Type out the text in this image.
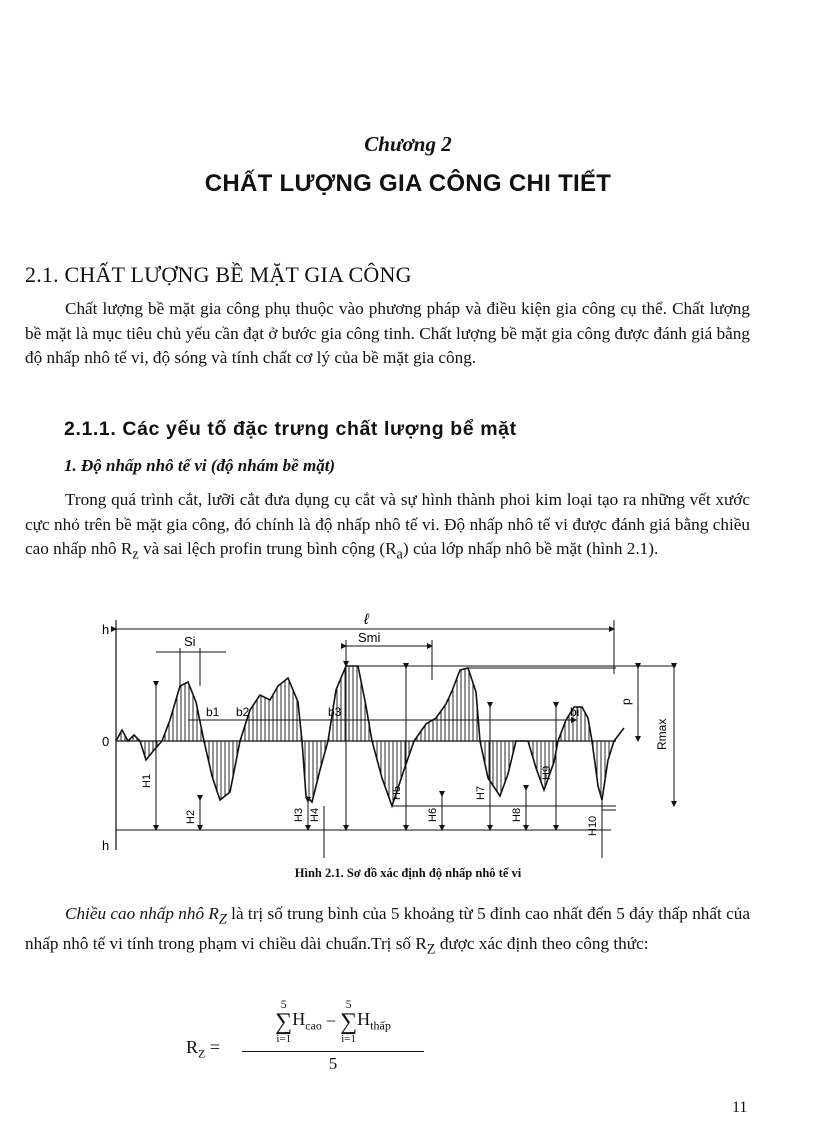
Chương 2
CHẤT LƯỢNG GIA CÔNG CHI TIẾT
2.1. CHẤT LƯỢNG BỀ MẶT GIA CÔNG

Chất lượng bề mặt gia công phụ thuộc vào phương pháp và điều kiện gia công cụ thể. Chất lượng bề mặt là mục tiêu chủ yếu cần đạt ở bước gia công tinh. Chất lượng bề mặt gia công được đánh giá bằng độ nhấp nhô tế vi, độ sóng và tính chất cơ lý của bề mặt gia công.

2.1.1. Các yếu tố đặc trưng chất lượng bể mặt
1. Độ nhấp nhô tế vi (độ nhám bề mặt)

Trong quá trình cắt, lưỡi cắt đưa dụng cụ cắt và sự hình thành phoi kim loại tạo ra những vết xước cực nhỏ trên bề mặt gia công, đó chính là độ nhấp nhô tế vi. Độ nhấp nhô tế vi được đánh giá bằng chiều cao nhấp nhô $R_z$ và sai lệch profin trung bình cộng $(R_a)$ của lớp nhấp nhô bề mặt (hình 2.1).

h
0
h
ℓ
Si	Smi
b1 b2	b3	bi
p
Rmax
H1
H2	H3 H4
H5
H6
H7
H8
H9
H10
Hình 2.1. Sơ đồ xác định độ nhấp nhô tế vi

Chiều cao nhấp nhô $R_Z$ là trị số trung bình của 5 khoảng từ 5 đỉnh cao nhất đến 5 đáy thấp nhất của nhấp nhô tế vi tính trong phạm vi chiều dài chuẩn.Trị số $R_Z$ được xác định theo công thức:

$R_Z$ =
5
∑
i=1
$H_{cao}$ −
5
∑
i=1
$H_{thấp}$
5
11
